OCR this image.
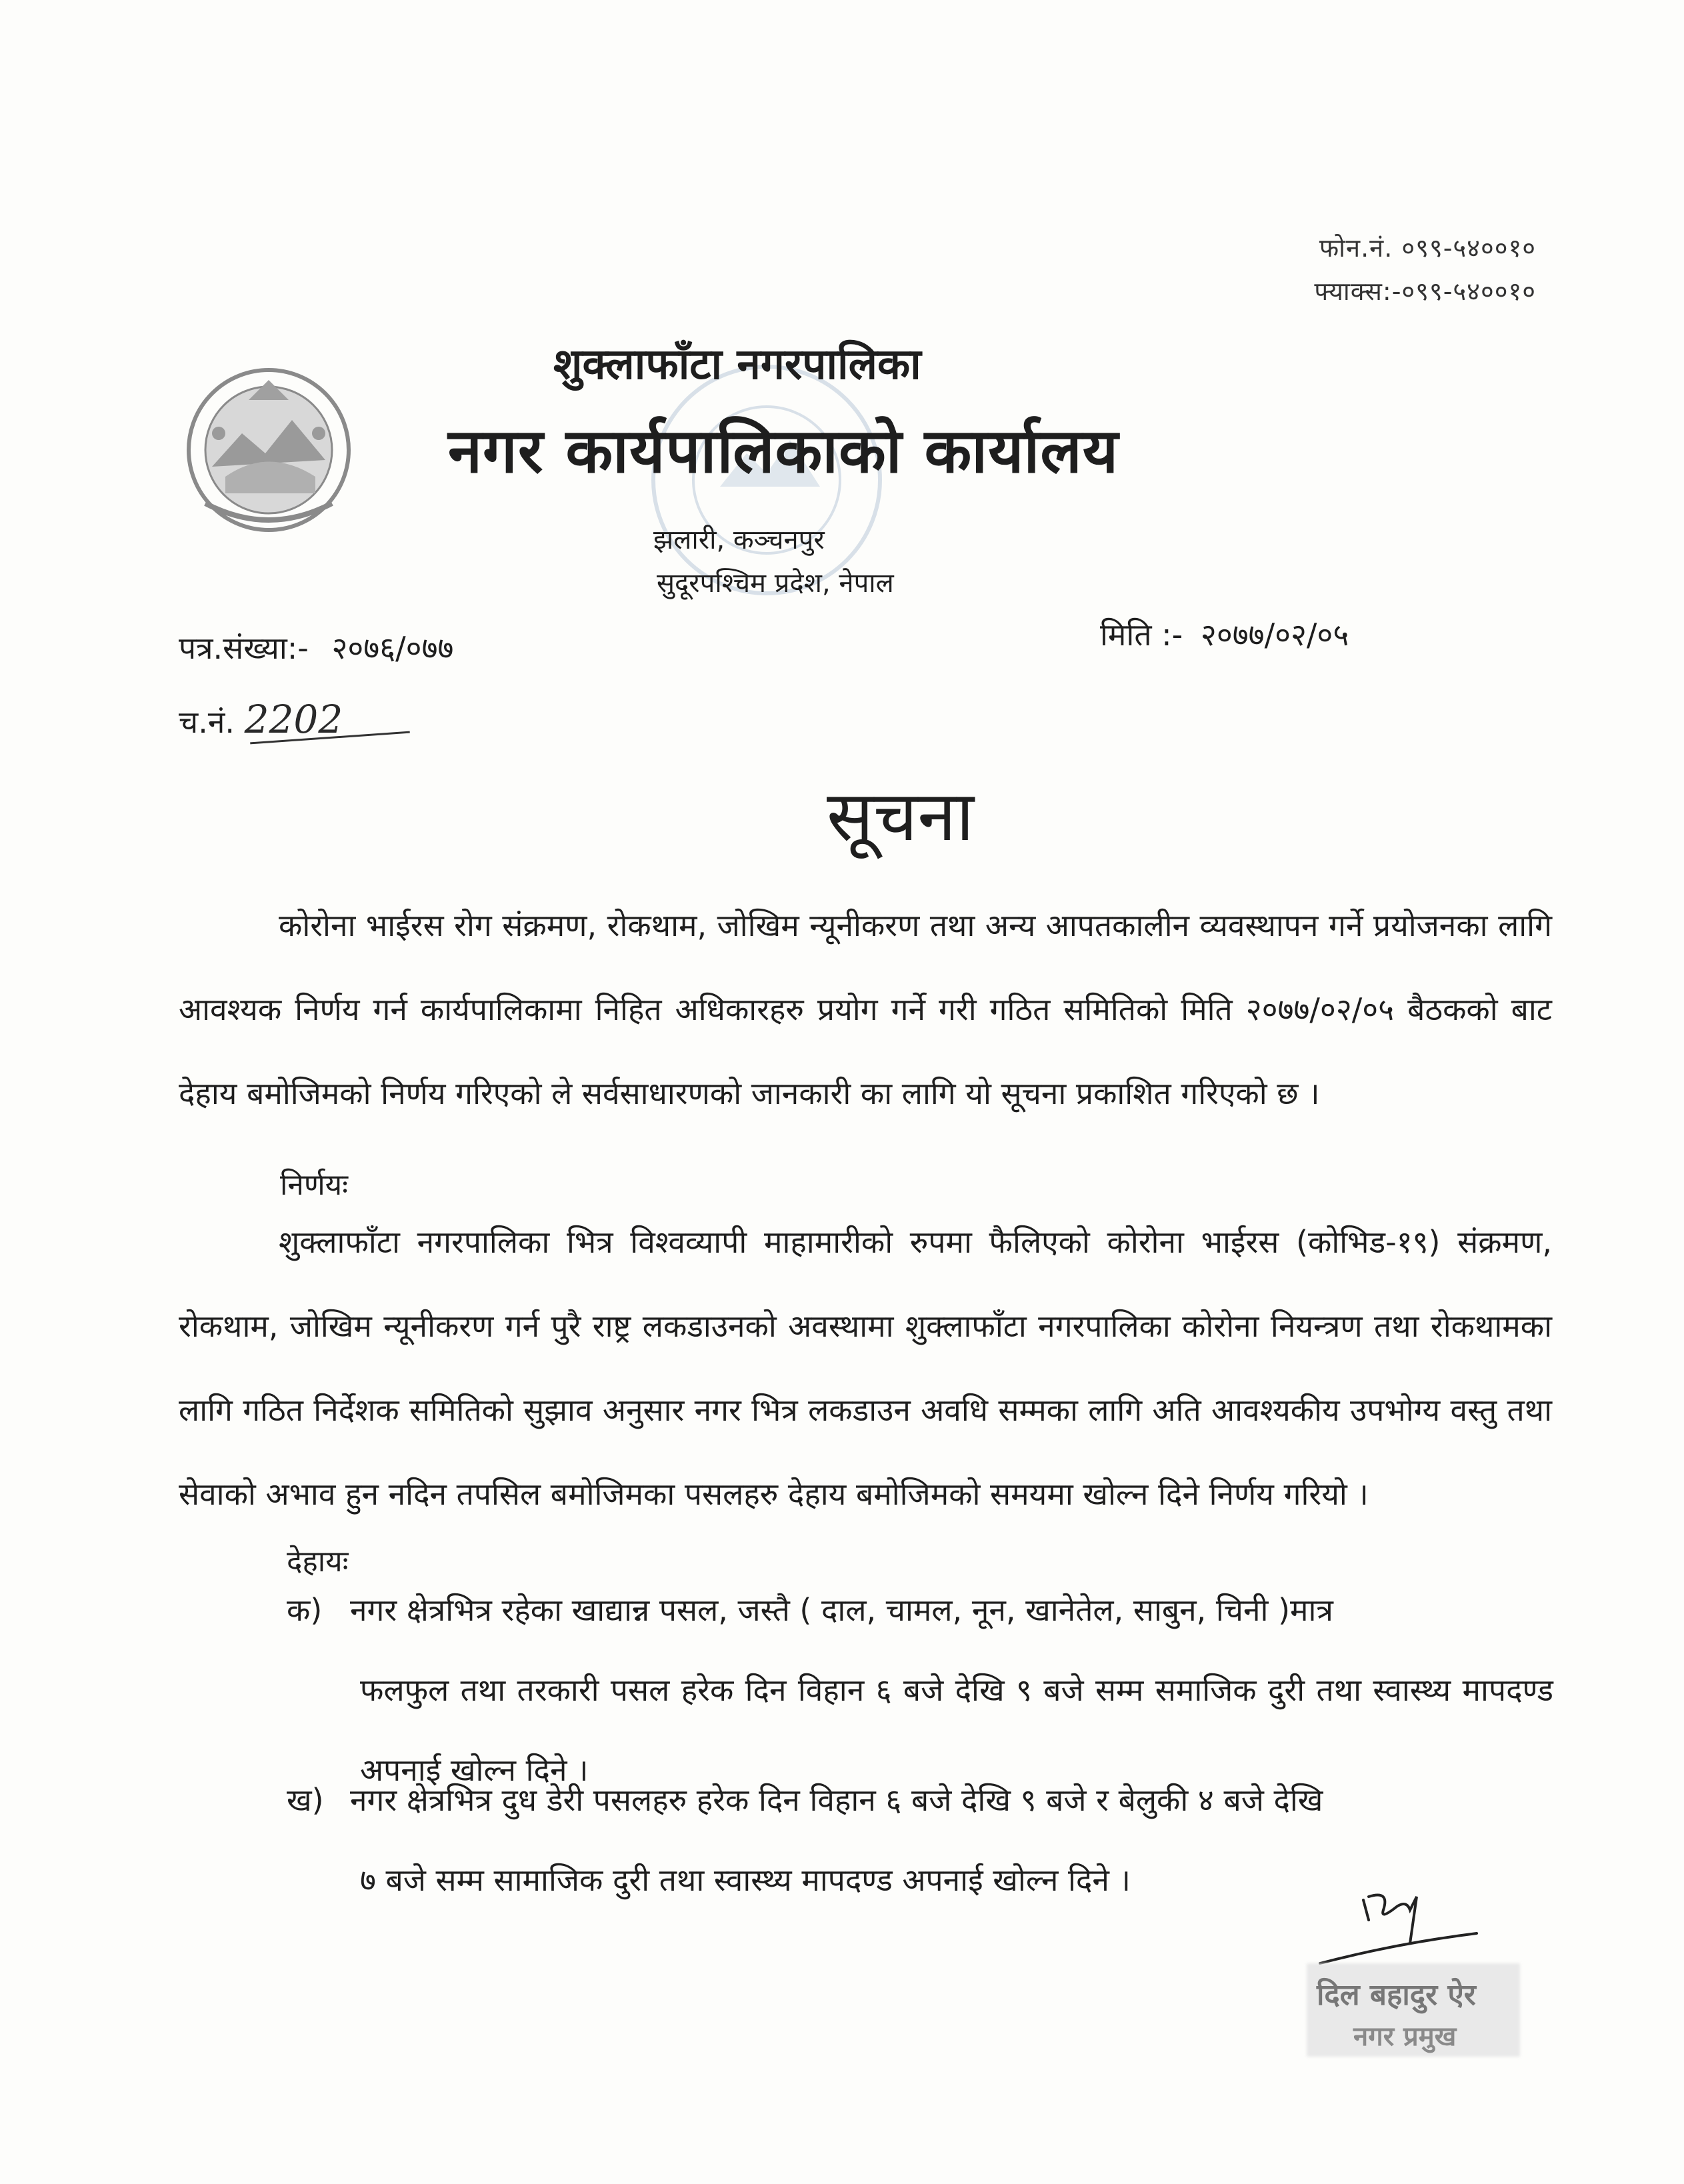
फोन.नं. ०९९-५४००१०
फ्याक्स:-०९९-५४००१०
शुक्लाफाँटा नगरपालिका
नगर कार्यपालिकाको कार्यालय
झलारी, कञ्चनपुर
सुदूरपश्चिम प्रदेश, नेपाल
पत्र.संख्या:- २०७६/०७७	मिति :- २०७७/०२/०५
च.नं. 2202
सूचना
कोरोना भाईरस रोग संक्रमण, रोकथाम, जोखिम न्यूनीकरण तथा अन्य आपतकालीन व्यवस्थापन गर्ने प्रयोजनका लागि आवश्यक निर्णय गर्न कार्यपालिकामा निहित अधिकारहरु प्रयोग गर्ने गरी गठित समितिको मिति २०७७/०२/०५ बैठकको बाट देहाय बमोजिमको निर्णय गरिएको ले सर्वसाधारणको जानकारी का लागि यो सूचना प्रकाशित गरिएको छ ।
निर्णयः
शुक्लाफाँटा नगरपालिका भित्र विश्वव्यापी माहामारीको रुपमा फैलिएको कोरोना भाईरस (कोभिड-१९) संक्रमण, रोकथाम, जोखिम न्यूनीकरण गर्न पुरै राष्ट्र लकडाउनको अवस्थामा शुक्लाफाँटा नगरपालिका कोरोना नियन्त्रण तथा रोकथामका लागि गठित निर्देशक समितिको सुझाव अनुसार नगर भित्र लकडाउन अवधि सम्मका लागि अति आवश्यकीय उपभोग्य वस्तु तथा सेवाको अभाव हुन नदिन तपसिल बमोजिमका पसलहरु देहाय बमोजिमको समयमा खोल्न दिने निर्णय गरियो ।
देहायः
क) नगर क्षेत्रभित्र रहेका खाद्यान्न पसल, जस्तै ( दाल, चामल, नून, खानेतेल, साबुन, चिनी )मात्र
फलफुल तथा तरकारी पसल हरेक दिन विहान ६ बजे देखि ९ बजे सम्म समाजिक दुरी तथा स्वास्थ्य मापदण्ड अपनाई खोल्न दिने ।
ख) नगर क्षेत्रभित्र दुध डेरी पसलहरु हरेक दिन विहान ६ बजे देखि ९ बजे र बेलुकी ४ बजे देखि
७ बजे सम्म सामाजिक दुरी तथा स्वास्थ्य मापदण्ड अपनाई खोल्न दिने ।
दिल बहादुर ऐर
नगर प्रमुख
